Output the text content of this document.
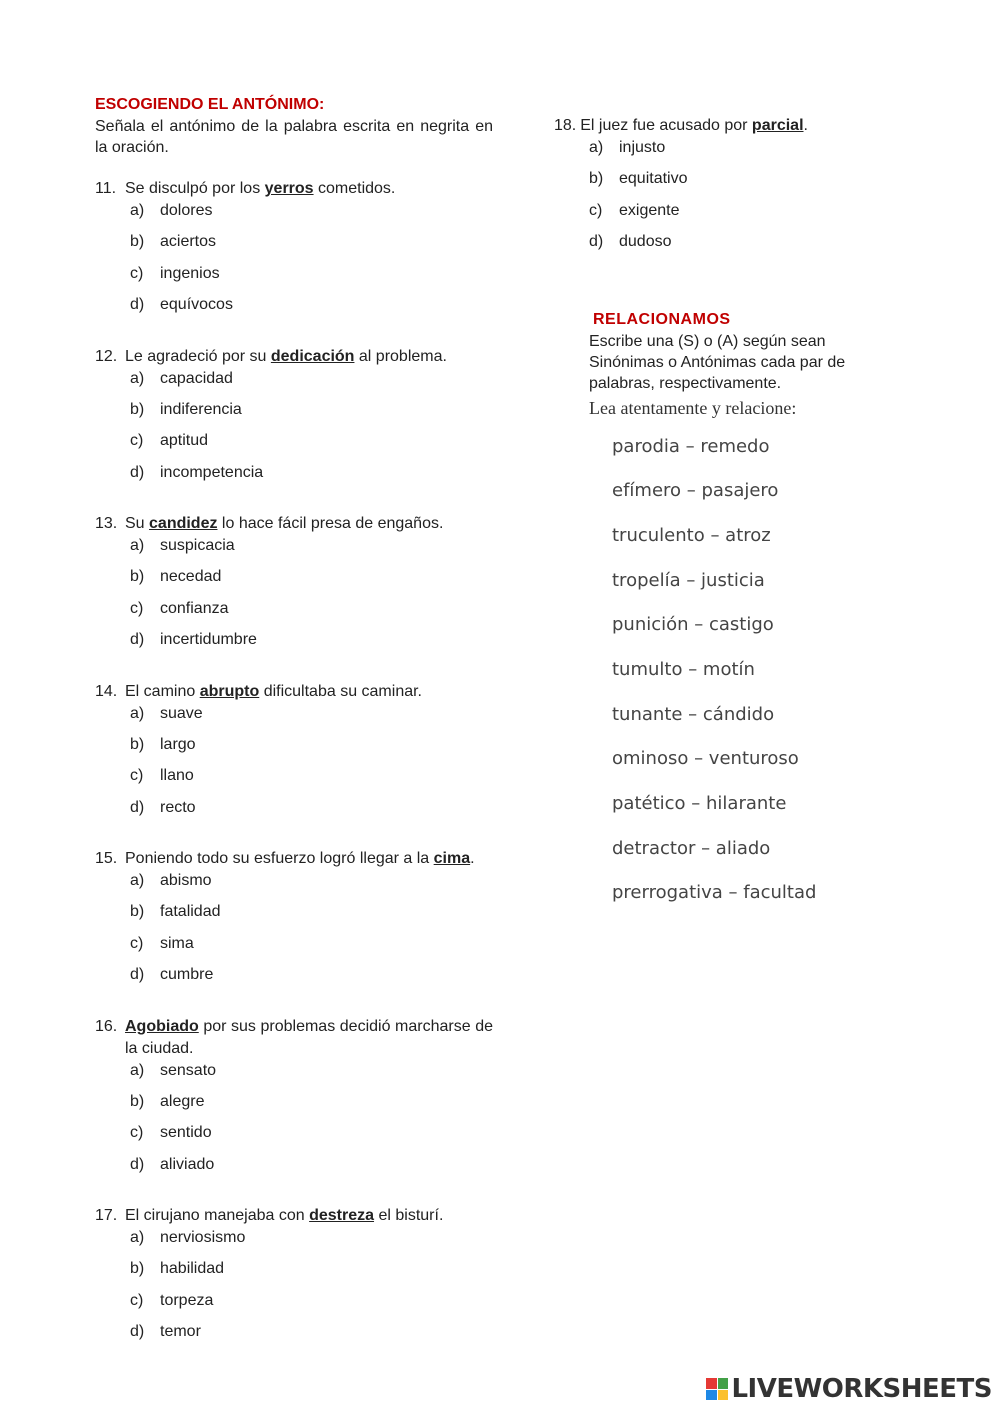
ESCOGIENDO EL ANTÓNIMO:
Señala el antónimo de la palabra escrita en negrita en la oración.
11. Se disculpó por los yerros cometidos.
a) dolores
b) aciertos
c)	ingenios
d) equívocos
12. Le agradeció por su dedicación al problema.
a) capacidad
b) indiferencia
c)	aptitud
d) incompetencia
13. Su candidez lo hace fácil presa de engaños.
a) suspicacia
b) necedad
c)	confianza
d) incertidumbre
14. El camino abrupto dificultaba su caminar.
a) suave
b) largo
c)	llano
d) recto
15. Poniendo todo su esfuerzo logró llegar a la cima.
a) abismo
b) fatalidad
c)	sima
d) cumbre
16. Agobiado por sus problemas decidió marcharse de la ciudad.
a) sensato
b) alegre
c)	sentido
d) aliviado
17. El cirujano manejaba con destreza el bisturí.
a) nerviosismo
b) habilidad
c)	torpeza
d) temor
18. El juez fue acusado por parcial.
a) injusto
b) equitativo
c)	exigente
d) dudoso
RELACIONAMOS
Escribe una (S) o (A) según sean Sinónimas o Antónimas cada par de palabras, respectivamente.
Lea atentamente y relacione:
parodia – remedo
efímero – pasajero
truculento – atroz
tropelía – justicia
punición – castigo
tumulto – motín
tunante – cándido
ominoso – venturoso
patético – hilarante
detractor – aliado
prerrogativa – facultad
LIVEWORKSHEETS
